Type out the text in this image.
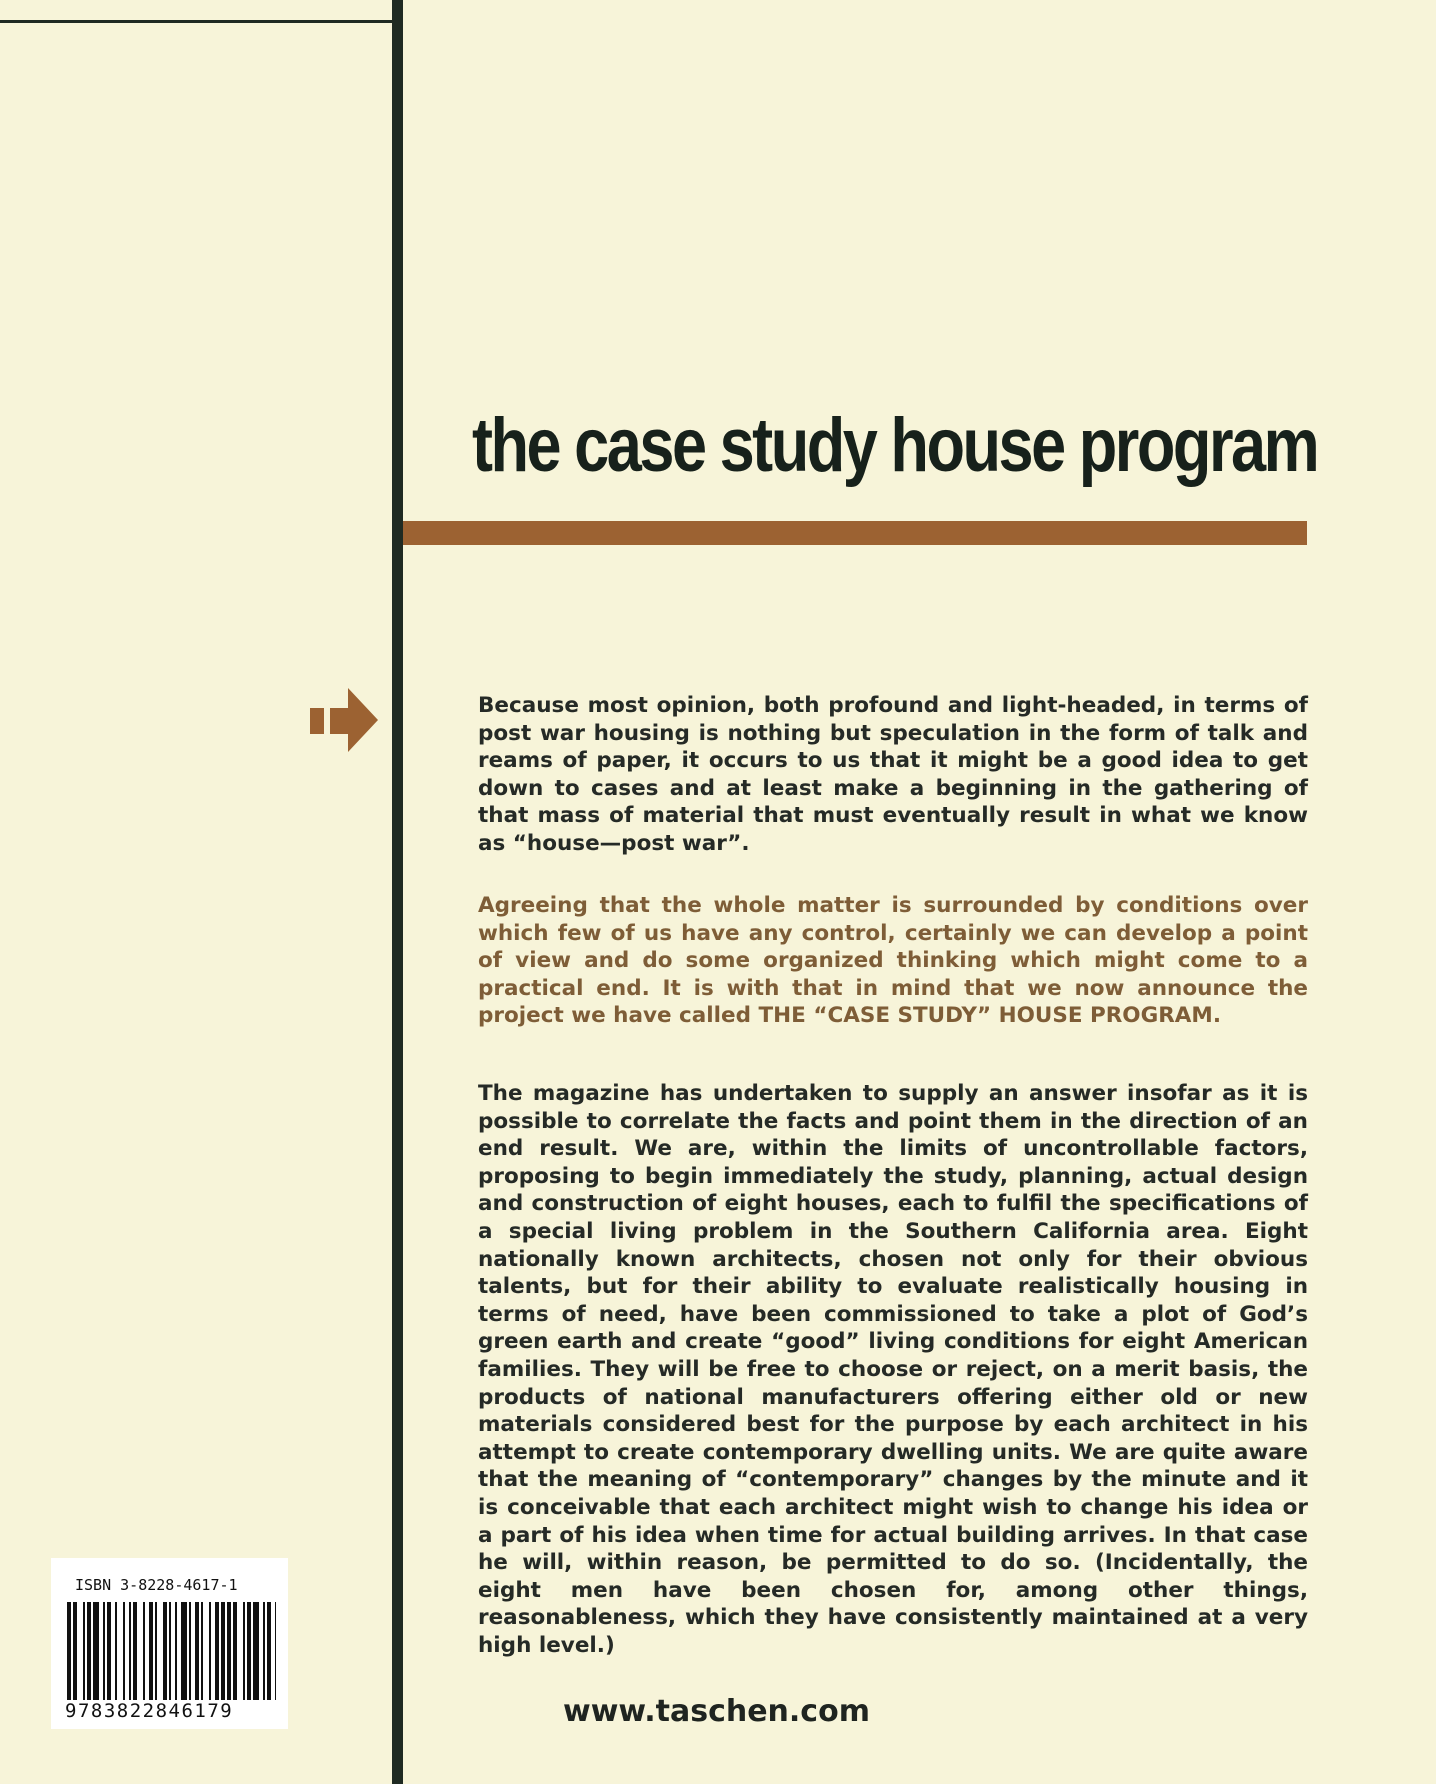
the case study house program

Because most opinion, both profound and light-headed, in terms of post war housing is nothing but speculation in the form of talk and reams of paper, it occurs to us that it might be a good idea to get down to cases and at least make a beginning in the gathering of that mass of material that must eventually result in what we know as “house—post war”.

Agreeing that the whole matter is surrounded by conditions over which few of us have any control, certainly we can develop a point of view and do some organized thinking which might come to a practical end. It is with that in mind that we now announce the project we have called THE “CASE STUDY” HOUSE PROGRAM.

The magazine has undertaken to supply an answer insofar as it is possible to correlate the facts and point them in the direction of an end result. We are, within the limits of uncontrollable factors, proposing to begin immediately the study, planning, actual design and construction of eight houses, each to fulfil the specifications of a special living problem in the Southern California area. Eight nationally known architects, chosen not only for their obvious talents, but for their ability to evaluate realistically housing in terms of need, have been commissioned to take a plot of God’s green earth and create “good” living conditions for eight American families. They will be free to choose or reject, on a merit basis, the products of national manufacturers offering either old or new materials considered best for the purpose by each architect in his attempt to create contemporary dwelling units. We are quite aware that the meaning of “contemporary” changes by the minute and it is conceivable that each architect might wish to change his idea or a part of his idea when time for actual building arrives. In that case he will, within reason, be permitted to do so. (Incidentally, the eight men have been chosen for, among other things, reasonableness, which they have consistently maintained at a very high level.)

www.taschen.com

ISBN 3-8228-4617-1

9783822846179
